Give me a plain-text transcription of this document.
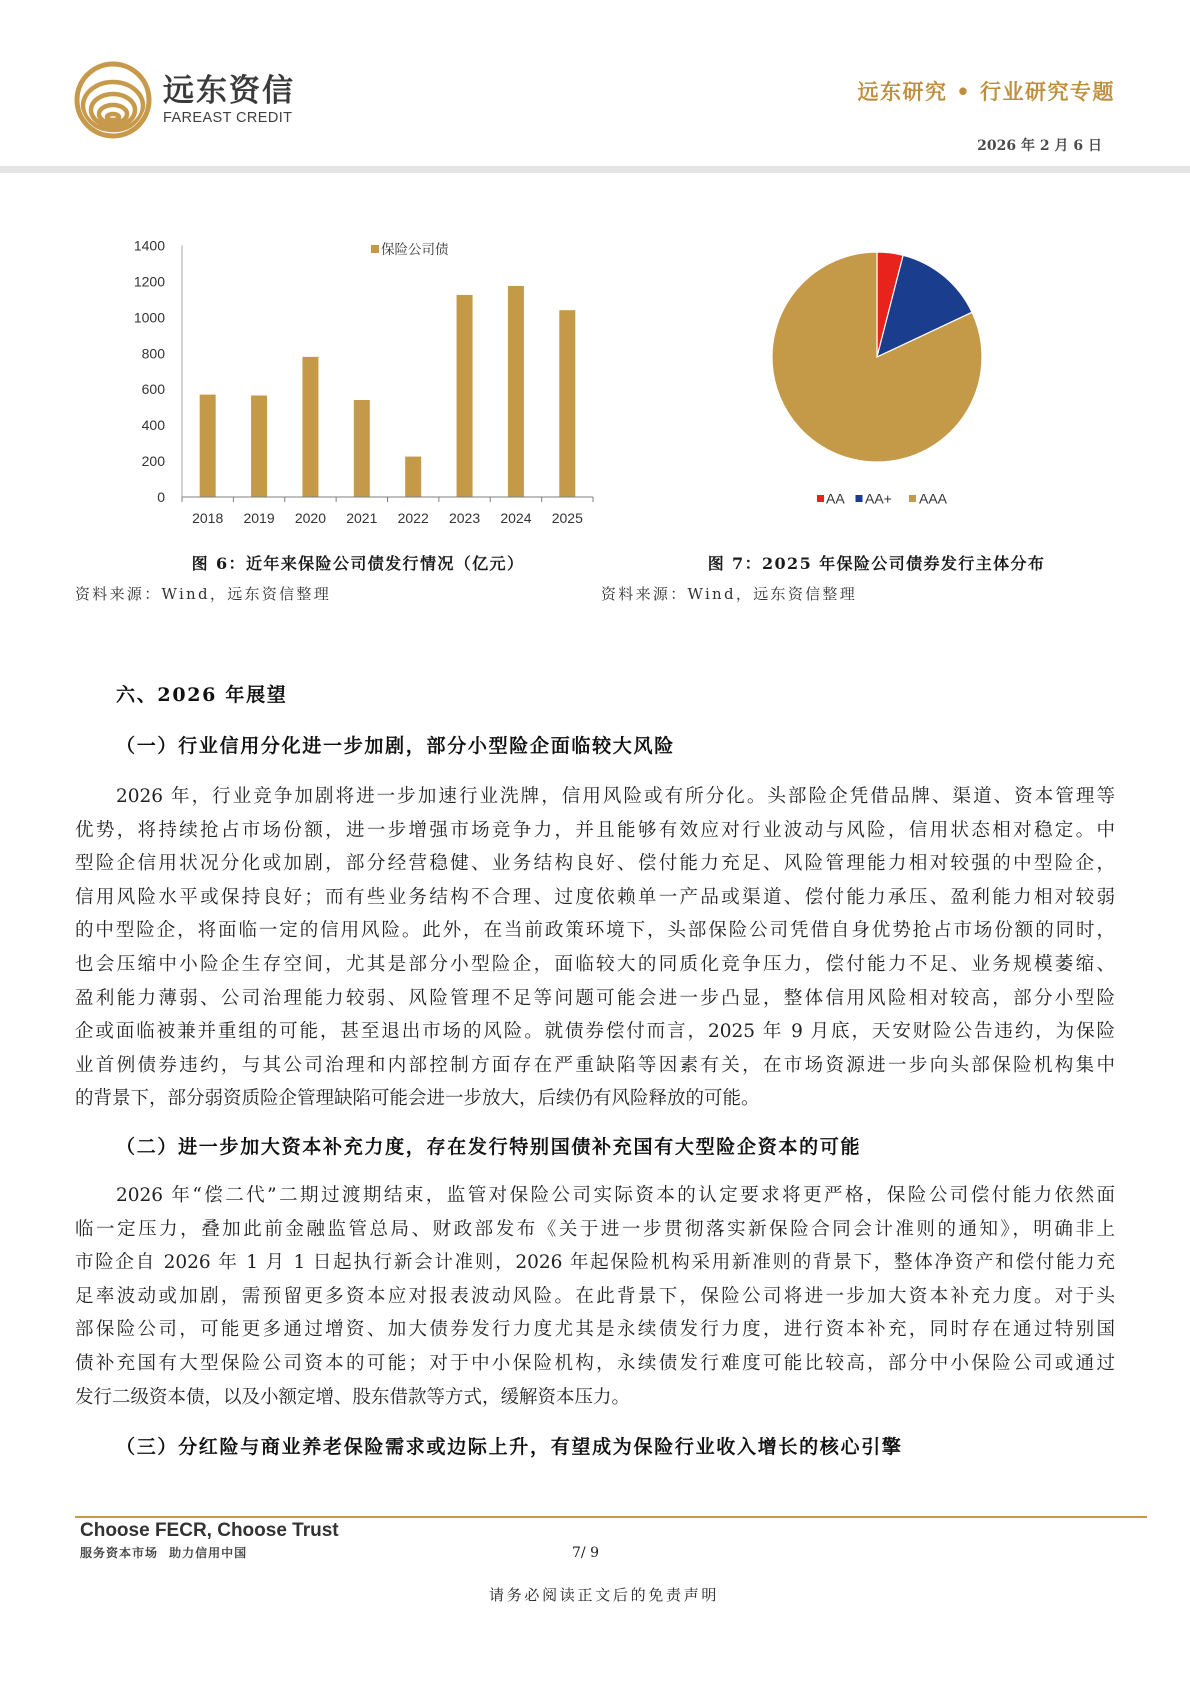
远东资信
FAREAST CREDIT
远东研究 • 行业研究专题
2026 年 2 月 6 日
1400
1200
1000
800
600
400
200
0
2018 2019 2020 2021 2022 2023 2024 2025
保险公司债
图 6：近年来保险公司债发行情况（亿元）
资料来源：Wind，远东资信整理
AA AA+ AAA
图 7：2025 年保险公司债券发行主体分布
资料来源：Wind，远东资信整理
六、2026 年展望
（一）行业信用分化进一步加剧，部分小型险企面临较大风险
2026 年，行业竞争加剧将进一步加速行业洗牌，信用风险或有所分化。头部险企凭借品牌、渠道、资本管理等
优势，将持续抢占市场份额，进一步增强市场竞争力，并且能够有效应对行业波动与风险，信用状态相对稳定。中
型险企信用状况分化或加剧，部分经营稳健、业务结构良好、偿付能力充足、风险管理能力相对较强的中型险企，
信用风险水平或保持良好；而有些业务结构不合理、过度依赖单一产品或渠道、偿付能力承压、盈利能力相对较弱
的中型险企，将面临一定的信用风险。此外，在当前政策环境下，头部保险公司凭借自身优势抢占市场份额的同时，
也会压缩中小险企生存空间，尤其是部分小型险企，面临较大的同质化竞争压力，偿付能力不足、业务规模萎缩、
盈利能力薄弱、公司治理能力较弱、风险管理不足等问题可能会进一步凸显，整体信用风险相对较高，部分小型险
企或面临被兼并重组的可能，甚至退出市场的风险。就债券偿付而言，2025 年 9 月底，天安财险公告违约，为保险
业首例债券违约，与其公司治理和内部控制方面存在严重缺陷等因素有关，在市场资源进一步向头部保险机构集中
的背景下，部分弱资质险企管理缺陷可能会进一步放大，后续仍有风险释放的可能。
（二）进一步加大资本补充力度，存在发行特别国债补充国有大型险企资本的可能
2026 年“偿二代”二期过渡期结束，监管对保险公司实际资本的认定要求将更严格，保险公司偿付能力依然面
临一定压力，叠加此前金融监管总局、财政部发布《关于进一步贯彻落实新保险合同会计准则的通知》，明确非上
市险企自 2026 年 1 月 1 日起执行新会计准则，2026 年起保险机构采用新准则的背景下，整体净资产和偿付能力充
足率波动或加剧，需预留更多资本应对报表波动风险。在此背景下，保险公司将进一步加大资本补充力度。对于头
部保险公司，可能更多通过增资、加大债券发行力度尤其是永续债发行力度，进行资本补充，同时存在通过特别国
债补充国有大型保险公司资本的可能；对于中小保险机构，永续债发行难度可能比较高，部分中小保险公司或通过
发行二级资本债，以及小额定增、股东借款等方式，缓解资本压力。
（三）分红险与商业养老保险需求或边际上升，有望成为保险行业收入增长的核心引擎
Choose FECR, Choose Trust
服务资本市场 助力信用中国	7/ 9
请务必阅读正文后的免责声明
